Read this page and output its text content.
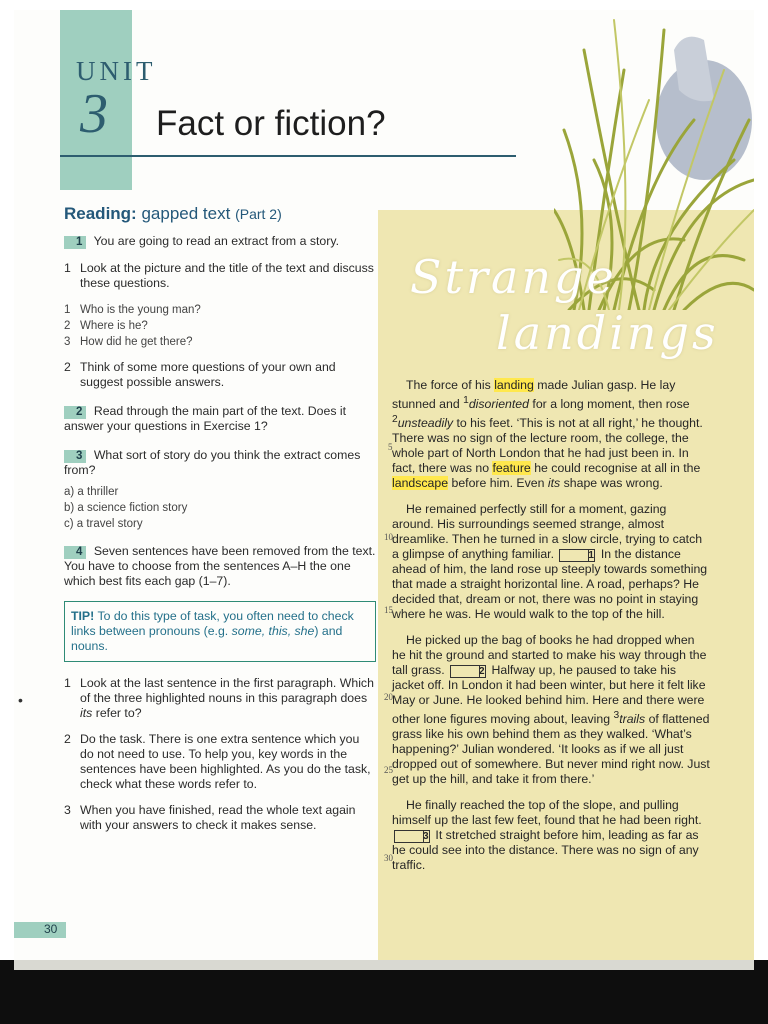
UNIT
3 Fact or fiction?
Strange
landings
5
10
15
20
25
30

The force of his landing made Julian gasp. He lay stunned and $^1$disoriented for a long moment, then rose $^2$unsteadily to his feet. ‘This is not at all right,’ he thought. There was no sign of the lecture room, the college, the whole part of North London that he had just been in. In fact, there was no feature he could recognise at all in the landscape before him. Even its shape was wrong.

He remained perfectly still for a moment, gazing around. His surroundings seemed strange, almost dreamlike. Then he turned in a slow circle, trying to catch a glimpse of anything familiar.	1 In the distance ahead of him, the land rose up steeply towards something that made a straight horizontal line. A road, perhaps? He decided that, dream or not, there was no point in staying where he was. He would walk to the top of the hill.

He picked up the bag of books he had dropped when he hit the ground and started to make his way through the tall grass.	2 Halfway up, he paused to take his jacket off. In London it had been winter, but here it felt like May or June. He looked behind him. Here and there were other lone figures moving about, leaving $^3$trails of flattened grass like his own behind them as they walked. ‘What’s happening?’ Julian wondered. ‘It looks as if we all just dropped out of somewhere. But never mind right now. Just get up the hill, and take it from there.’

He finally reached the top of the slope, and pulling himself up the last few feet, found that he had been right. 3 It stretched straight before him, leading as far as he could see into the distance. There was no sign of any traffic.

Reading: gapped text (Part 2)
1 You are going to read an extract from a story.
1 Look at the picture and the title of the text and discuss these questions.
1 Who is the young man?
2 Where is he?
3 How did he get there?
2 Think of some more questions of your own and suggest possible answers.
2 Read through the main part of the text. Does it answer your questions in Exercise 1?
3 What sort of story do you think the extract comes from?
a) a thriller
b) a science fiction story
c) a travel story
4 Seven sentences have been removed from the text. You have to choose from the sentences A–H the one which best fits each gap (1–7).
TIP! To do this type of task, you often need to check links between pronouns (e.g. some, this, she) and nouns.
1 Look at the last sentence in the first paragraph. Which of the three highlighted nouns in this paragraph does its refer to?
2 Do the task. There is one extra sentence which you do not need to use. To help you, key words in the sentences have been highlighted. As you do the task, check what these words refer to.
3 When you have finished, read the whole text again with your answers to check it makes sense.
•
30
